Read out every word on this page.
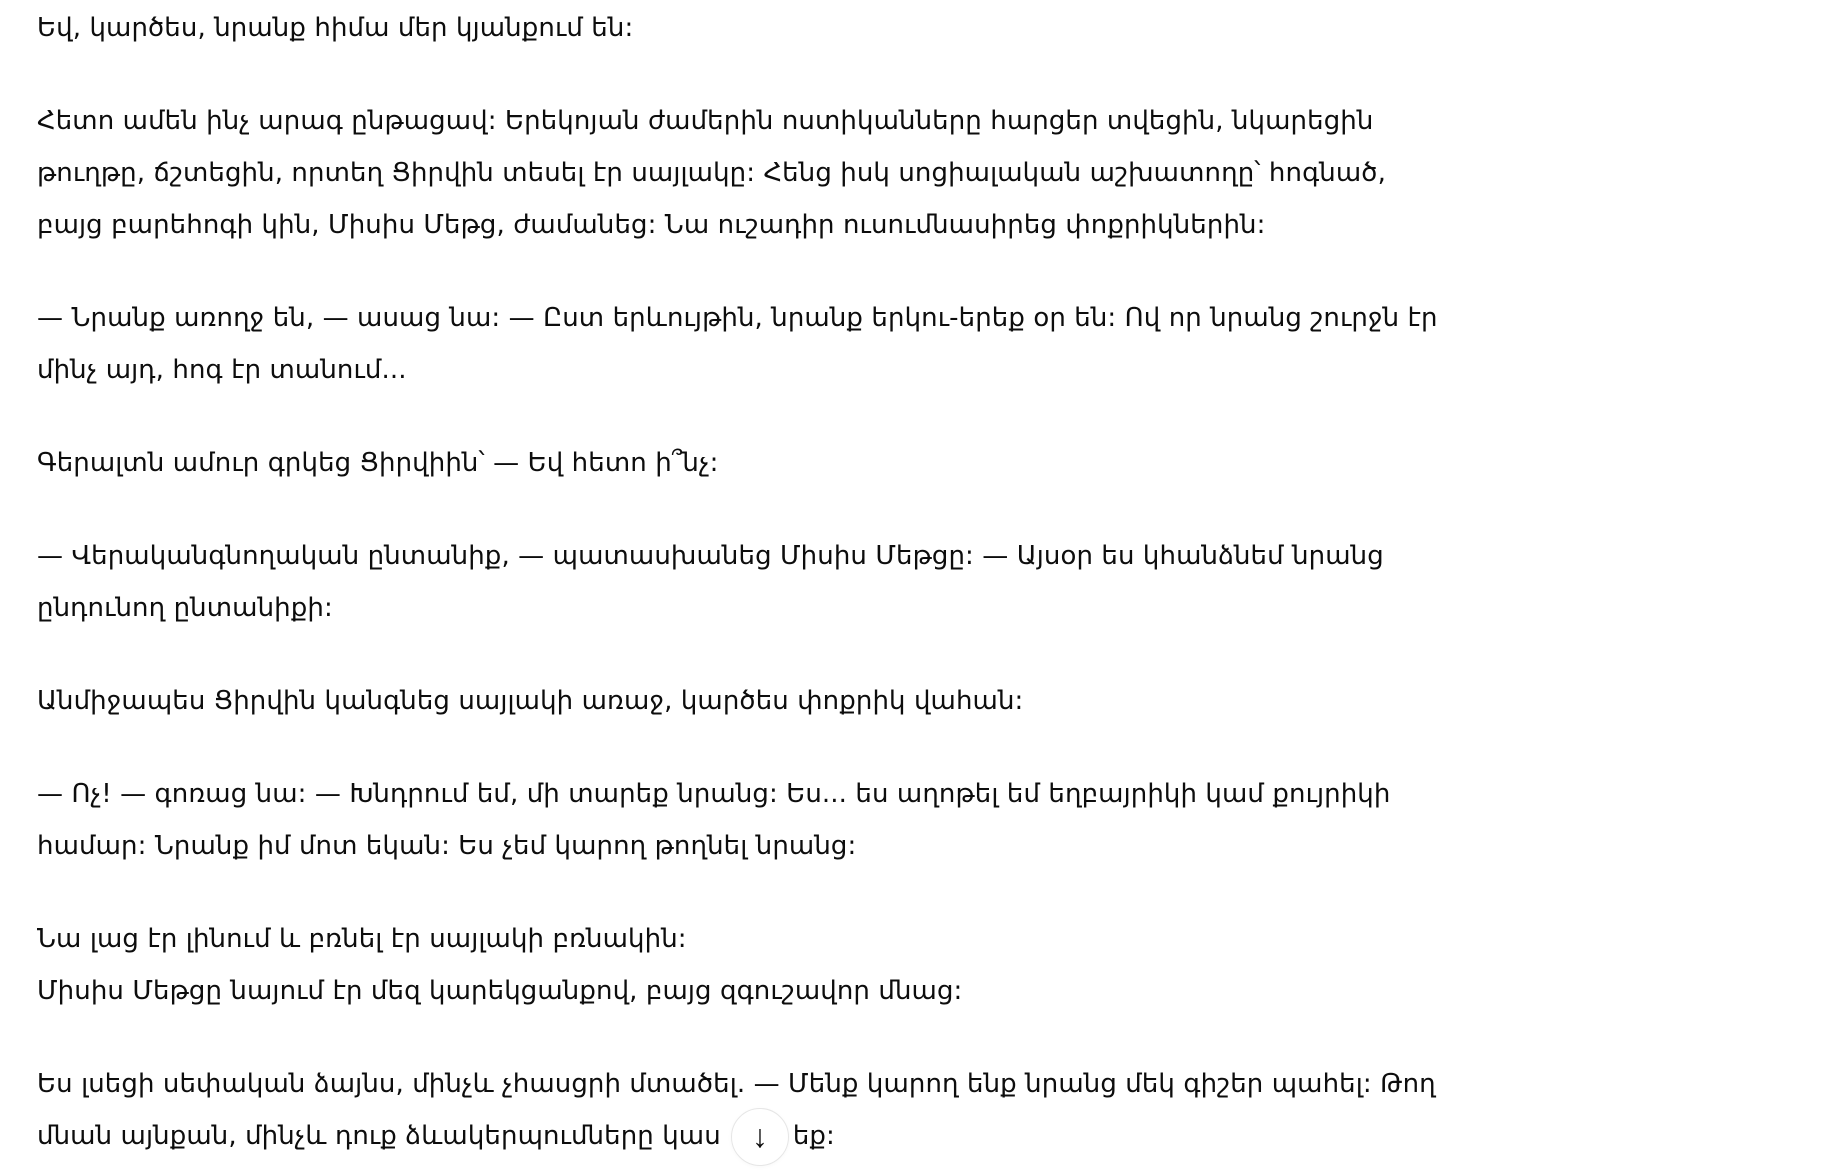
Եվ, կարծես, նրանք հիմա մեր կյանքում են:
Հետո ամեն ինչ արագ ընթացավ: Երեկոյան ժամերին ոստիկանները հարցեր տվեցին, նկարեցին
թուղթը, ճշտեցին, որտեղ Ցիրվին տեսել էր սայլակը: Հենց իսկ սոցիալական աշխատողը՝ հոգնած,
բայց բարեհոգի կին, Միսիս Մեթց, ժամանեց: Նա ուշադիր ուսումնասիրեց փոքրիկներին:
— Նրանք առողջ են, — ասաց նա: — Ըստ երևույթին, նրանք երկու-երեք օր են: Ով որ նրանց շուրջն էր
մինչ այդ, հոգ էր տանում...
Գերալտն ամուր գրկեց Ցիրվիին՝ — Եվ հետո ի՞նչ:
— Վերականգնողական ընտանիք, — պատասխանեց Միսիս Մեթցը: — Այսօր ես կհանձնեմ նրանց
ընդունող ընտանիքի:
Անմիջապես Ցիրվին կանգնեց սայլակի առաջ, կարծես փոքրիկ վահան:
— Ոչ! — գոռաց նա: — Խնդրում եմ, մի տարեք նրանց: Ես... ես աղոթել եմ եղբայրիկի կամ քույրիկի
համար: Նրանք իմ մոտ եկան: Ես չեմ կարող թողնել նրանց:
Նա լաց էր լինում և բռնել էր սայլակի բռնակին:
Միսիս Մեթցը նայում էր մեզ կարեկցանքով, բայց զգուշավոր մնաց:
Ես լսեցի սեփական ձայնս, մինչև չհասցրի մտածել. — Մենք կարող ենք նրանց մեկ գիշեր պահել: Թող
մնան այնքան, մինչև դուք ձևակերպումները կաս ↓ եք:
